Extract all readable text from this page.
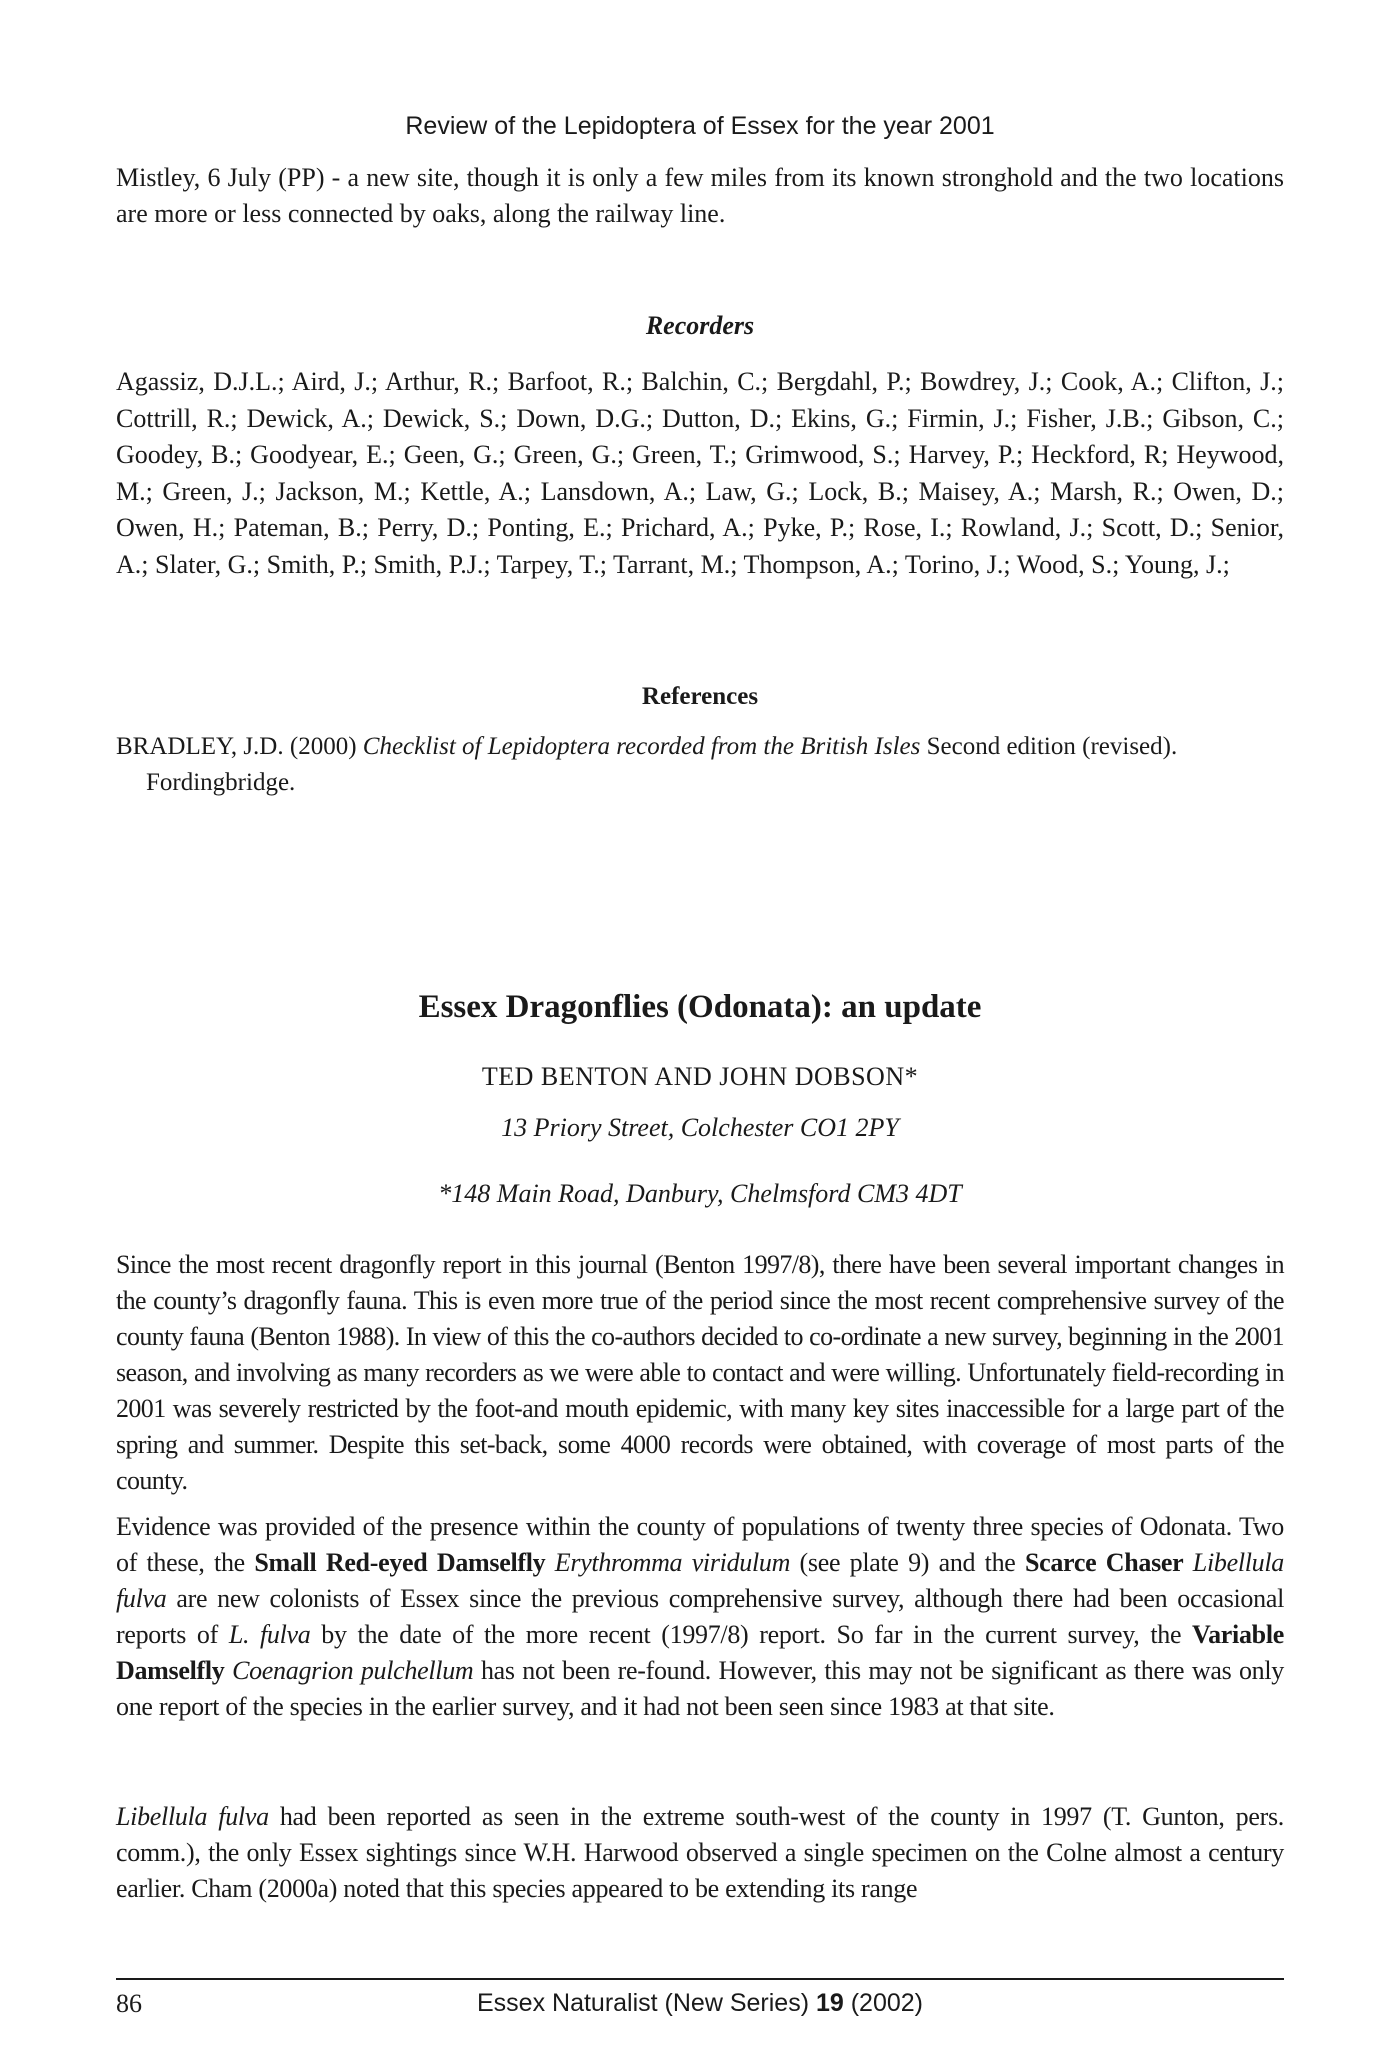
Review of the Lepidoptera of Essex for the year 2001

Mistley, 6 July (PP) - a new site, though it is only a few miles from its known stronghold and the two locations are more or less connected by oaks, along the railway line.

Recorders

Agassiz, D.J.L.; Aird, J.; Arthur, R.; Barfoot, R.; Balchin, C.; Bergdahl, P.; Bowdrey, J.; Cook, A.; Clifton, J.; Cottrill, R.; Dewick, A.; Dewick, S.; Down, D.G.; Dutton, D.; Ekins, G.; Firmin, J.; Fisher, J.B.; Gibson, C.; Goodey, B.; Goodyear, E.; Geen, G.; Green, G.; Green, T.; Grimwood, S.; Harvey, P.; Heckford, R; Heywood, M.; Green, J.; Jackson, M.; Kettle, A.; Lansdown, A.; Law, G.; Lock, B.; Maisey, A.; Marsh, R.; Owen, D.; Owen, H.; Pateman, B.; Perry, D.; Ponting, E.; Prichard, A.; Pyke, P.; Rose, I.; Rowland, J.; Scott, D.; Senior, A.; Slater, G.; Smith, P.; Smith, P.J.; Tarpey, T.; Tarrant, M.; Thompson, A.; Torino, J.; Wood, S.; Young, J.;

References
BRADLEY, J.D. (2000) Checklist of Lepidoptera recorded from the British Isles Second edition (revised).
Fordingbridge.
Essex Dragonflies (Odonata): an update
TED BENTON AND JOHN DOBSON*
13 Priory Street, Colchester CO1 2PY
*148 Main Road, Danbury, Chelmsford CM3 4DT

Since the most recent dragonfly report in this journal (Benton 1997/8), there have been several important changes in the county’s dragonfly fauna. This is even more true of the period since the most recent comprehensive survey of the county fauna (Benton 1988). In view of this the co-authors decided to co-ordinate a new survey, beginning in the 2001 season, and involving as many recorders as we were able to contact and were willing. Unfortunately field-recording in 2001 was severely restricted by the foot-and mouth epidemic, with many key sites inaccessible for a large part of the spring and summer. Despite this set-back, some 4000 records were obtained, with coverage of most parts of the county.

Evidence was provided of the presence within the county of populations of twenty three species of Odonata. Two of these, the Small Red-eyed Damselfly Erythromma viridulum (see plate 9) and the Scarce Chaser Libellula fulva are new colonists of Essex since the previous comprehensive survey, although there had been occasional reports of L. fulva by the date of the more recent (1997/8) report. So far in the current survey, the Variable Damselfly Coenagrion pulchellum has not been re-found. However, this may not be significant as there was only one report of the species in the earlier survey, and it had not been seen since 1983 at that site.

Libellula fulva had been reported as seen in the extreme south-west of the county in 1997 (T. Gunton, pers. comm.), the only Essex sightings since W.H. Harwood observed a single specimen on the Colne almost a century earlier. Cham (2000a) noted that this species appeared to be extending its range

86	Essex Naturalist (New Series) 19 (2002)
